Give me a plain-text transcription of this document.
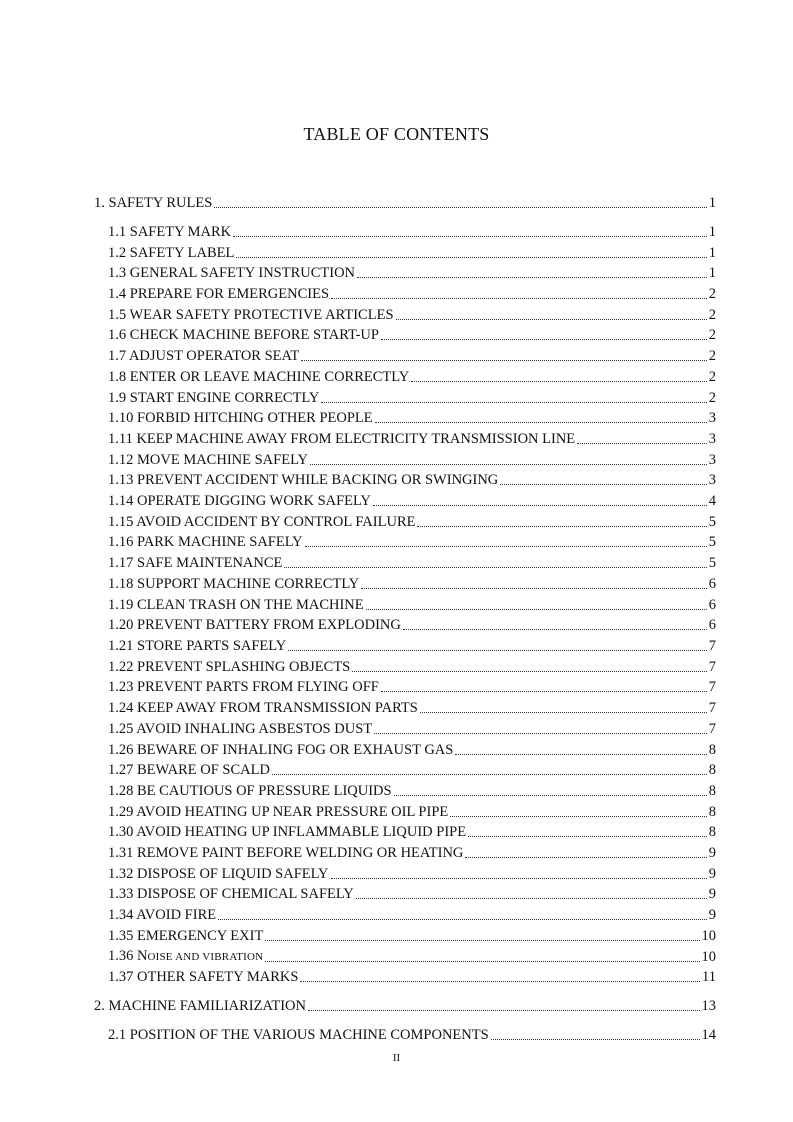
TABLE OF CONTENTS
1. SAFETY RULES	1
1.1 SAFETY MARK	1
1.2 SAFETY LABEL	1
1.3 GENERAL SAFETY INSTRUCTION	1
1.4 PREPARE FOR EMERGENCIES	2
1.5 WEAR SAFETY PROTECTIVE ARTICLES	2
1.6 CHECK MACHINE BEFORE START-UP	2
1.7 ADJUST OPERATOR SEAT	2
1.8 ENTER OR LEAVE MACHINE CORRECTLY	2
1.9 START ENGINE CORRECTLY	2
1.10 FORBID HITCHING OTHER PEOPLE	3
1.11 KEEP MACHINE AWAY FROM ELECTRICITY TRANSMISSION LINE	3
1.12 MOVE MACHINE SAFELY	3
1.13 PREVENT ACCIDENT WHILE BACKING OR SWINGING	3
1.14 OPERATE DIGGING WORK SAFELY	4
1.15 AVOID ACCIDENT BY CONTROL FAILURE	5
1.16 PARK MACHINE SAFELY	5
1.17 SAFE MAINTENANCE	5
1.18 SUPPORT MACHINE CORRECTLY	6
1.19 CLEAN TRASH ON THE MACHINE	6
1.20 PREVENT BATTERY FROM EXPLODING	6
1.21 STORE PARTS SAFELY	7
1.22 PREVENT SPLASHING OBJECTS	7
1.23 PREVENT PARTS FROM FLYING OFF	7
1.24 KEEP AWAY FROM TRANSMISSION PARTS	7
1.25 AVOID INHALING ASBESTOS DUST	7
1.26 BEWARE OF INHALING FOG OR EXHAUST GAS	8
1.27 BEWARE OF SCALD	8
1.28 BE CAUTIOUS OF PRESSURE LIQUIDS	8
1.29 AVOID HEATING UP NEAR PRESSURE OIL PIPE	8
1.30 AVOID HEATING UP INFLAMMABLE LIQUID PIPE	8
1.31 REMOVE PAINT BEFORE WELDING OR HEATING	9
1.32 DISPOSE OF LIQUID SAFELY	9
1.33 DISPOSE OF CHEMICAL SAFELY	9
1.34 AVOID FIRE	9
1.35 EMERGENCY EXIT	10
1.36 NOISE AND VIBRATION	10
1.37 OTHER SAFETY MARKS	11
2. MACHINE FAMILIARIZATION	13
2.1 POSITION OF THE VARIOUS MACHINE COMPONENTS	14
II
